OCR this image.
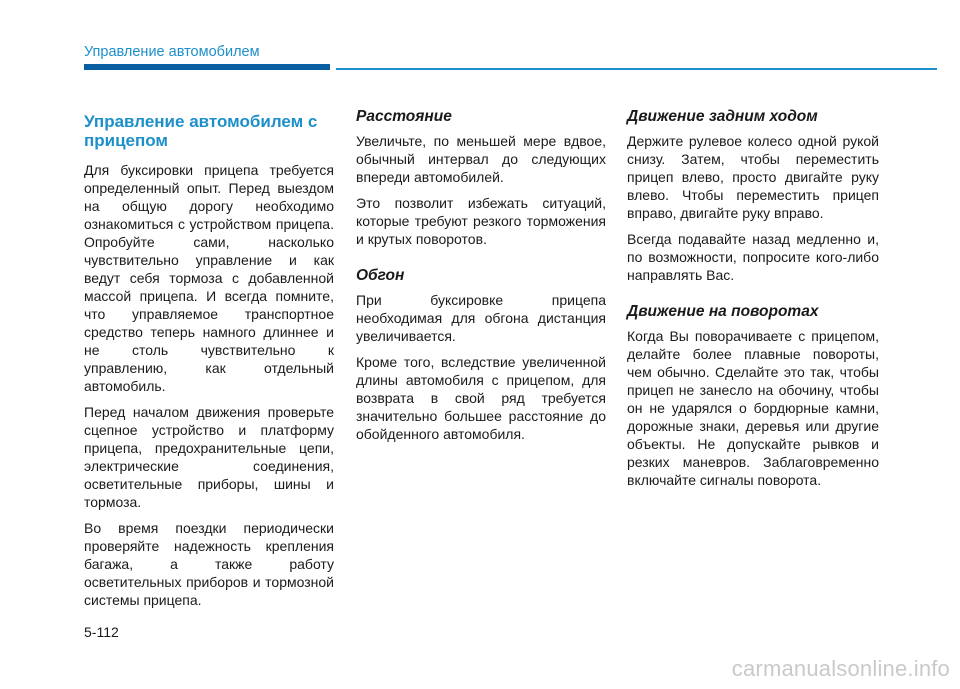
Управление автомобилем
Управление автомобилем с прицепом

Для буксировки прицепа требуется определенный опыт. Перед выездом на общую дорогу необходимо ознакомиться с устройством прицепа. Опробуйте сами, насколько чувствительно управление и как ведут себя тормоза с добавленной массой прицепа. И всегда помните, что управляемое транспортное средство теперь намного длиннее и не столь чувствительно к управлению, как отдельный автомобиль.

Перед началом движения проверьте сцепное устройство и платформу прицепа, предохранительные цепи, электрические соединения, осветительные приборы, шины и тормоза.

Во время поездки периодически проверяйте надежность крепления багажа, а также работу осветительных приборов и тормозной системы прицепа.

Расстояние

Увеличьте, по меньшей мере вдвое, обычный интервал до следующих впереди автомобилей.

Это позволит избежать ситуаций, которые требуют резкого торможения и крутых поворотов.

Обгон

При буксировке прицепа необходимая для обгона дистанция увеличивается.

Кроме того, вследствие увеличенной длины автомобиля с прицепом, для возврата в свой ряд требуется значительно большее расстояние до обойденного автомобиля.

Движение задним ходом

Держите рулевое колесо одной рукой снизу. Затем, чтобы переместить прицеп влево, просто двигайте руку влево. Чтобы переместить прицеп вправо, двигайте руку вправо.

Всегда подавайте назад медленно и, по возможности, попросите кого-либо направлять Вас.

Движение на поворотах

Когда Вы поворачиваете с прицепом, делайте более плавные повороты, чем обычно. Сделайте это так, чтобы прицеп не занесло на обочину, чтобы он не ударялся о бордюрные камни, дорожные знаки, деревья или другие объекты. Не допускайте рывков и резких маневров. Заблаговременно включайте сигналы поворота.

5-112
carmanualsonline.info
